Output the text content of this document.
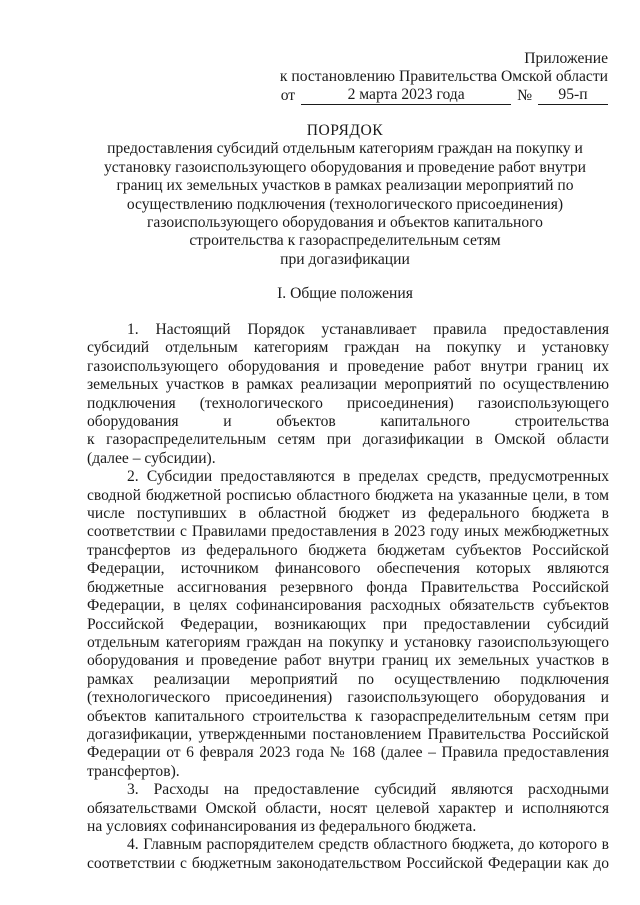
Приложение
к постановлению Правительства Омской области
от	2 марта 2023 года	№	95-п
ПОРЯДОК
предоставления субсидий отдельным категориям граждан на покупку и
установку газоиспользующего оборудования и проведение работ внутри
границ их земельных участков в рамках реализации мероприятий по
осуществлению подключения (технологического присоединения)
газоиспользующего оборудования и объектов капитального
строительства к газораспределительным сетям
при догазификации
I. Общие положения
1. Настоящий Порядок устанавливает правила предоставления
субсидий отдельным категориям граждан на покупку и установку
газоиспользующего оборудования и проведение работ внутри границ их
земельных участков в рамках реализации мероприятий по осуществлению
подключения (технологического присоединения) газоиспользующего
оборудования и объектов капитального строительства
к газораспределительным сетям при догазификации в Омской области
(далее – субсидии).
2. Субсидии предоставляются в пределах средств, предусмотренных
сводной бюджетной росписью областного бюджета на указанные цели, в том
числе поступивших в областной бюджет из федерального бюджета в
соответствии с Правилами предоставления в 2023 году иных межбюджетных
трансфертов из федерального бюджета бюджетам субъектов Российской
Федерации, источником финансового обеспечения которых являются
бюджетные ассигнования резервного фонда Правительства Российской
Федерации, в целях софинансирования расходных обязательств субъектов
Российской Федерации, возникающих при предоставлении субсидий
отдельным категориям граждан на покупку и установку газоиспользующего
оборудования и проведение работ внутри границ их земельных участков в
рамках реализации мероприятий по осуществлению подключения
(технологического присоединения) газоиспользующего оборудования и
объектов капитального строительства к газораспределительным сетям при
догазификации, утвержденными постановлением Правительства Российской
Федерации от 6 февраля 2023 года № 168 (далее – Правила предоставления
трансфертов).
3. Расходы на предоставление субсидий являются расходными
обязательствами Омской области, носят целевой характер и исполняются
на условиях софинансирования из федерального бюджета.
4. Главным распорядителем средств областного бюджета, до которого в
соответствии с бюджетным законодательством Российской Федерации как до
